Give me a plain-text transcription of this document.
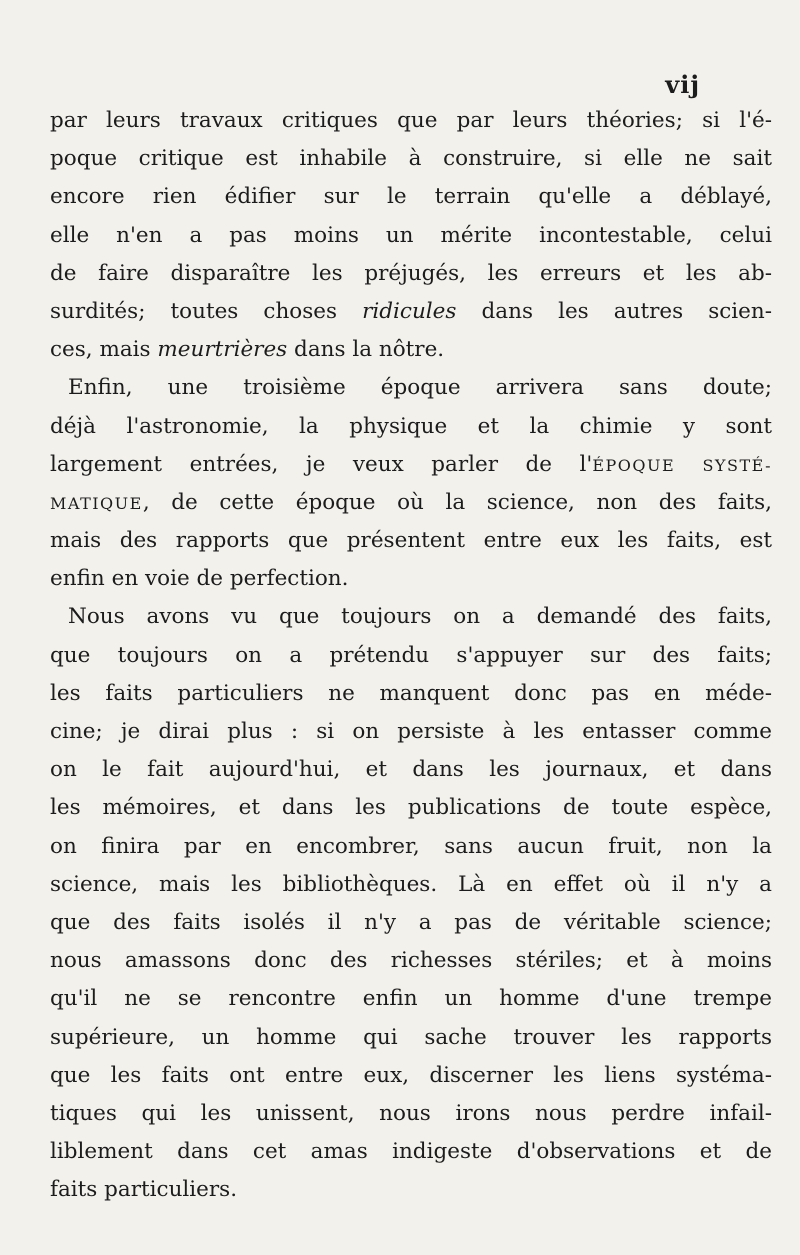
vij
par leurs travaux critiques que par leurs théories; si l'é-
poque critique est inhabile à construire, si elle ne sait
encore rien édifier sur le terrain qu'elle a déblayé,
elle n'en a pas moins un mérite incontestable, celui
de faire disparaître les préjugés, les erreurs et les ab-
surdités; toutes choses ridicules dans les autres scien-
ces, mais meurtrières dans la nôtre.
Enfin, une troisième époque arrivera sans doute;
déjà l'astronomie, la physique et la chimie y sont
largement entrées, je veux parler de l'ÉPOQUE SYSTÉ-
MATIQUE, de cette époque où la science, non des faits,
mais des rapports que présentent entre eux les faits, est
enfin en voie de perfection.
Nous avons vu que toujours on a demandé des faits,
que toujours on a prétendu s'appuyer sur des faits;
les faits particuliers ne manquent donc pas en méde-
cine; je dirai plus : si on persiste à les entasser comme
on le fait aujourd'hui, et dans les journaux, et dans
les mémoires, et dans les publications de toute espèce,
on finira par en encombrer, sans aucun fruit, non la
science, mais les bibliothèques. Là en effet où il n'y a
que des faits isolés il n'y a pas de véritable science;
nous amassons donc des richesses stériles; et à moins
qu'il ne se rencontre enfin un homme d'une trempe
supérieure, un homme qui sache trouver les rapports
que les faits ont entre eux, discerner les liens systéma-
tiques qui les unissent, nous irons nous perdre infail-
liblement dans cet amas indigeste d'observations et de
faits particuliers.
